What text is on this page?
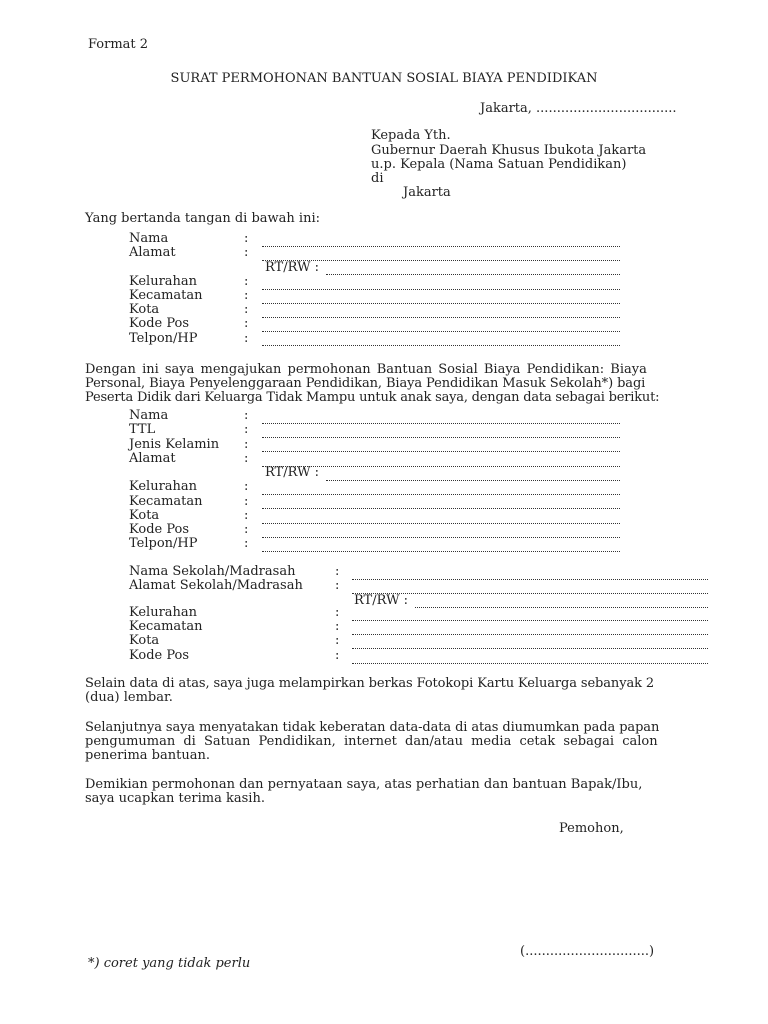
Format 2
SURAT PERMOHONAN BANTUAN SOSIAL BIAYA PENDIDIKAN
Jakarta, ..................................
Kepada Yth.
Gubernur Daerah Khusus Ibukota Jakarta
u.p. Kepala (Nama Satuan Pendidikan)
di
Jakarta
Yang bertanda tangan di bawah ini:
Nama	:
Alamat	:
RT/RW :
Kelurahan	:
Kecamatan	:
Kota	:
Kode Pos	:
Telpon/HP	:
Dengan ini saya mengajukan permohonan Bantuan Sosial Biaya Pendidikan: Biaya
Personal, Biaya Penyelenggaraan Pendidikan, Biaya Pendidikan Masuk Sekolah*) bagi
Peserta Didik dari Keluarga Tidak Mampu untuk anak saya, dengan data sebagai berikut:
Nama	:
TTL	:
Jenis Kelamin :
Alamat	:
RT/RW :
Kelurahan	:
Kecamatan	:
Kota	:
Kode Pos	:
Telpon/HP	:
Nama Sekolah/Madrasah	:
Alamat Sekolah/Madrasah :
RT/RW :
Kelurahan	:
Kecamatan	:
Kota	:
Kode Pos	:
Selain data di atas, saya juga melampirkan berkas Fotokopi Kartu Keluarga sebanyak 2
(dua) lembar.
Selanjutnya saya menyatakan tidak keberatan data-data di atas diumumkan pada papan
pengumuman di Satuan Pendidikan, internet dan/atau media cetak sebagai calon
penerima bantuan.
Demikian permohonan dan pernyataan saya, atas perhatian dan bantuan Bapak/Ibu,
saya ucapkan terima kasih.
Pemohon,
(..............................)
*) coret yang tidak perlu
